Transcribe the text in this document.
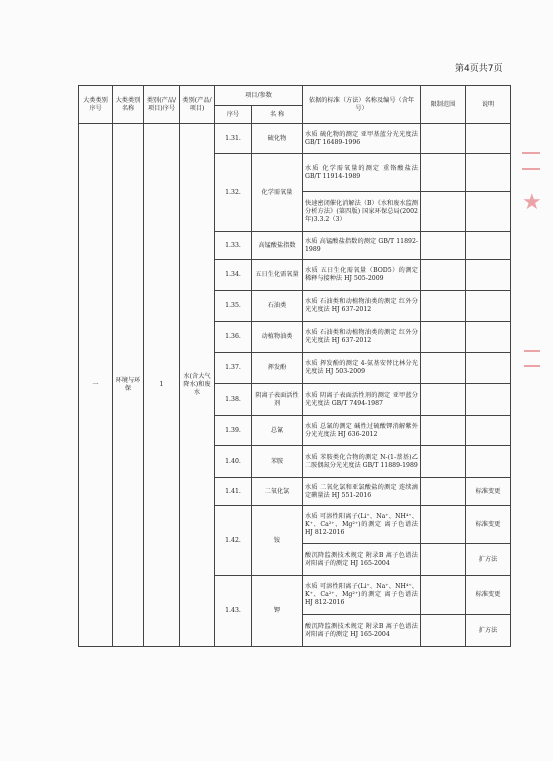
第4页共7页
大类类别序号	大类类别名称	类别(产品/项目)序号	类别(产品/项目)	项目/参数		依据的标准（方法）名称及编号（含年号）	限制范围	说明
				序号	名 称			
一	环境与环保	1	水(含大气降水)和废水	1.31.	硫化物	水质 硫化物的测定 亚甲基蓝分光光度法 GB/T 16489-1996		
				1.32.	化学需氧量	水质 化学需氧量的测定 重铬酸盐法 GB/T 11914-1989		
						快速密闭催化消解法（B）《水和废水监测分析方法》(第四版) 国家环保总局(2002年)3.3.2（3）		
				1.33.	高锰酸盐指数	水质 高锰酸盐指数的测定 GB/T 11892-1989		
				1.34.	五日生化需氧量	水质 五日生化需氧量（BOD5）的测定 稀释与接种法 HJ 505-2009		
				1.35.	石油类	水质 石油类和动植物油类的测定 红外分光光度法 HJ 637-2012		
				1.36.	动植物油类	水质 石油类和动植物油类的测定 红外分光光度法 HJ 637-2012		
				1.37.	挥发酚	水质 挥发酚的测定 4-氨基安替比林分光光度法 HJ 503-2009		
				1.38.	阴离子表面活性剂	水质 阴离子表面活性剂的测定 亚甲蓝分光光度法 GB/T 7494-1987		
				1.39.	总氰	水质 总氰的测定 碱性过硫酸钾消解紫外分光光度法 HJ 636-2012		
				1.40.	苯胺	水质 苯胺类化合物的测定 N-(1-萘基)乙二胺偶氮分光光度法 GB/T 11889-1989		
				1.41.	二氧化氯	水质 二氧化氯和亚氯酸盐的测定 连续滴定碘量法 HJ 551-2016		标准变更
				1.42.	铵	水质 可溶性阳离子(Li⁺、Na⁺、NH⁴⁺、K⁺、Ca²⁺、Mg²⁺)的测定 离子色谱法 HJ 812-2016		标准变更
						酸沉降监测技术规定 附录B 离子色谱法对阳离子的测定 HJ 165-2004		扩方法
				1.43.	钾	水质 可溶性阳离子(Li⁺、Na⁺、NH⁴⁺、K⁺、Ca²⁺、Mg²⁺)的测定 离子色谱法 HJ 812-2016		标准变更
						酸沉降监测技术规定 附录B 离子色谱法对阳离子的测定 HJ 165-2004		扩方法
★
